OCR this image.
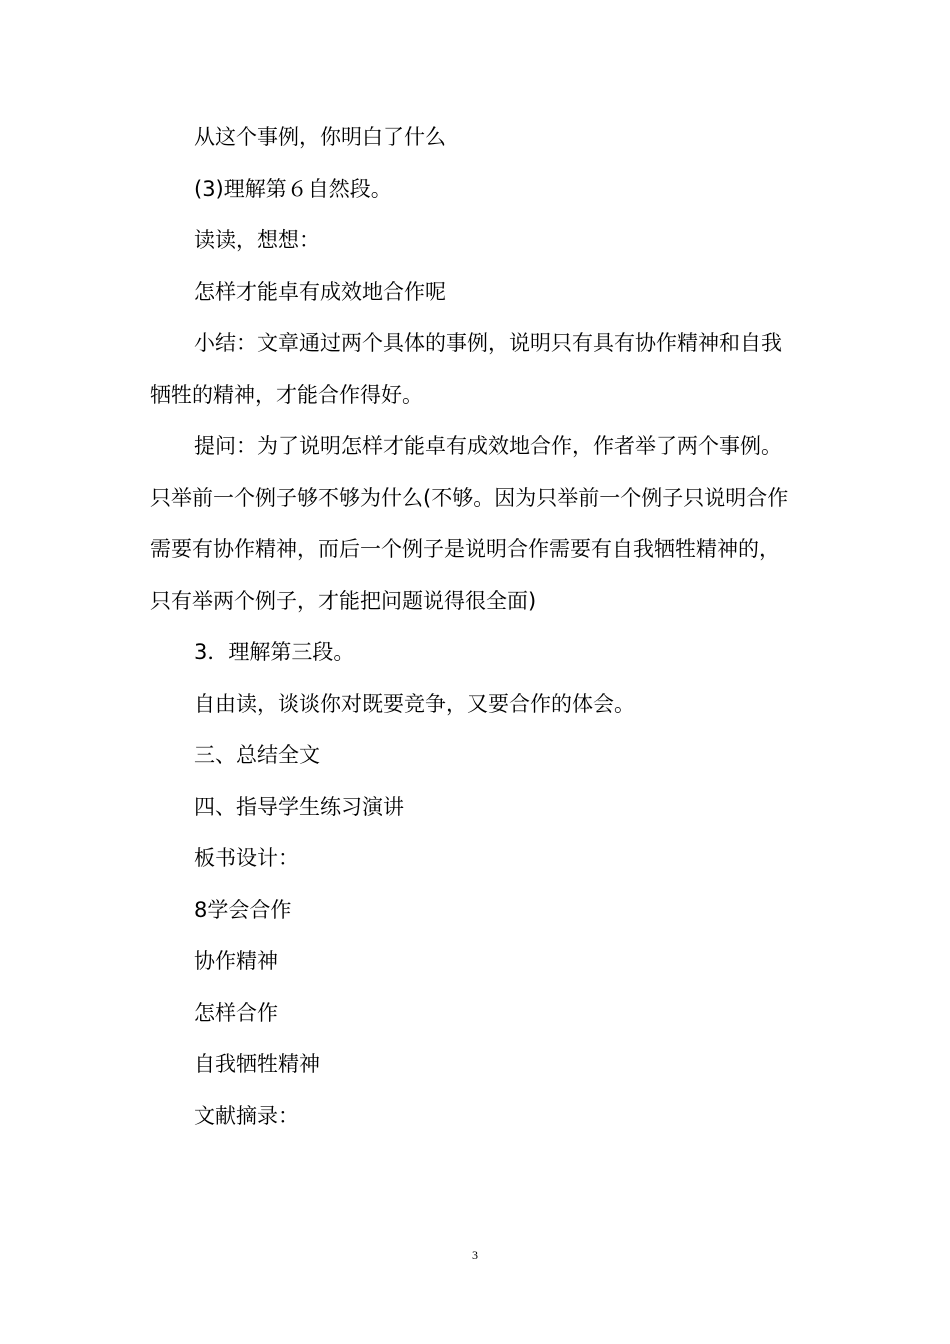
从这个事例，你明白了什么

(3)理解第６自然段。

读读，想想：

怎样才能卓有成效地合作呢

小结：文章通过两个具体的事例，说明只有具有协作精神和自我牺牲的精神，才能合作得好。

提问：为了说明怎样才能卓有成效地合作，作者举了两个事例。只举前一个例子够不够为什么(不够。因为只举前一个例子只说明合作需要有协作精神，而后一个例子是说明合作需要有自我牺牲精神的，只有举两个例子，才能把问题说得很全面)

3．理解第三段。

自由读，谈谈你对既要竞争，又要合作的体会。

三、总结全文

四、指导学生练习演讲

板书设计：

8学会合作

协作精神

怎样合作

自我牺牲精神

文献摘录：

3
